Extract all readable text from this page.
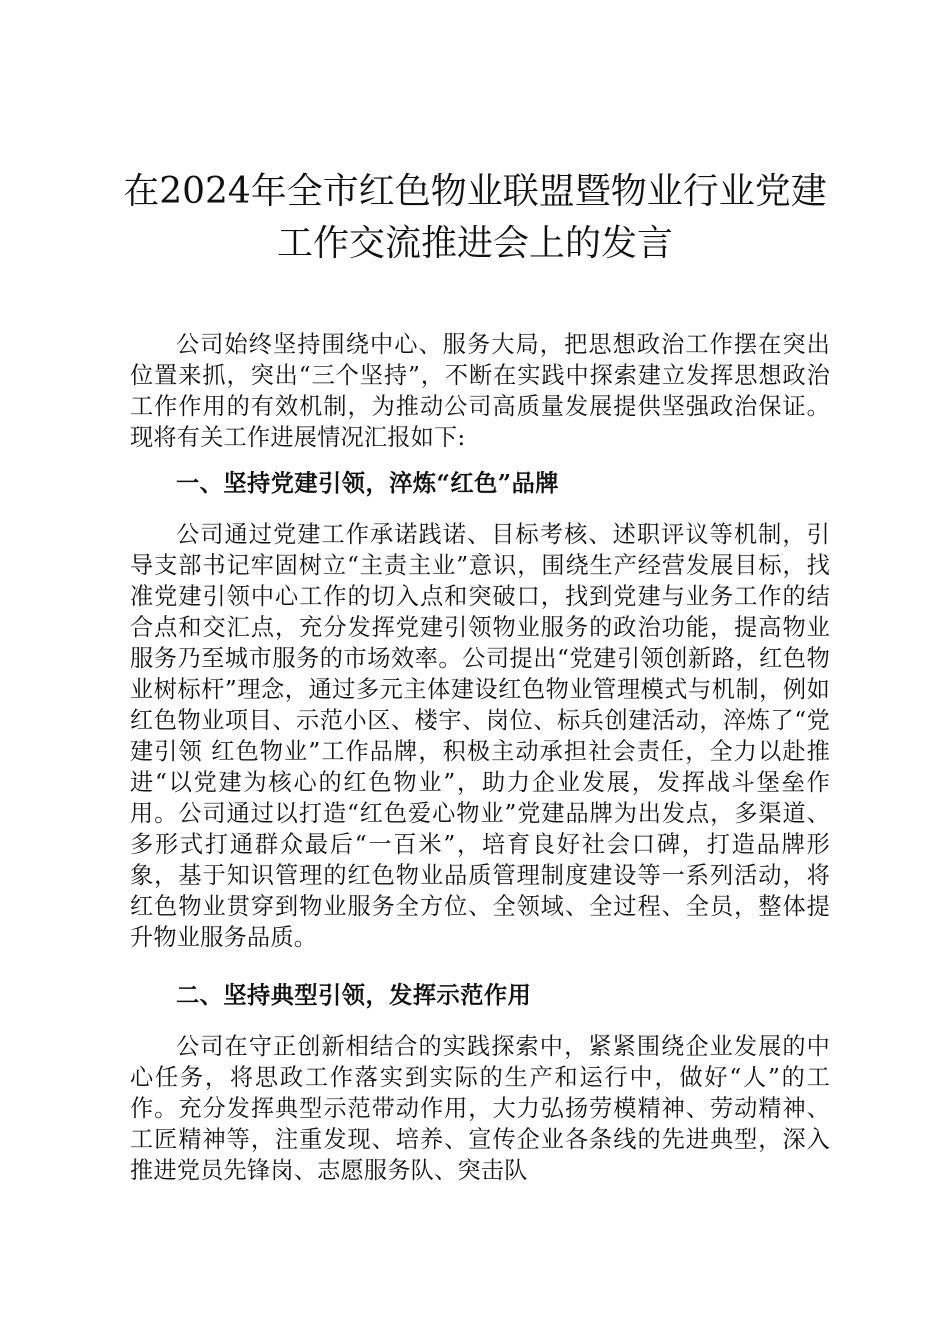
在2024年全市红色物业联盟暨物业行业党建
工作交流推进会上的发言

公司始终坚持围绕中心、服务大局，把思想政治工作摆在突出位置来抓，突出“三个坚持”，不断在实践中探索建立发挥思想政治工作作用的有效机制，为推动公司高质量发展提供坚强政治保证。现将有关工作进展情况汇报如下:

一、坚持党建引领，淬炼“红色”品牌

公司通过党建工作承诺践诺、目标考核、述职评议等机制，引导支部书记牢固树立“主责主业”意识，围绕生产经营发展目标，找准党建引领中心工作的切入点和突破口，找到党建与业务工作的结合点和交汇点，充分发挥党建引领物业服务的政治功能，提高物业服务乃至城市服务的市场效率。公司提出“党建引领创新路，红色物业树标杆”理念，通过多元主体建设红色物业管理模式与机制，例如红色物业项目、示范小区、楼宇、岗位、标兵创建活动，淬炼了“党建引领 红色物业”工作品牌，积极主动承担社会责任，全力以赴推进“以党建为核心的红色物业”，助力企业发展，发挥战斗堡垒作用。公司通过以打造“红色爱心物业”党建品牌为出发点，多渠道、多形式打通群众最后“一百米”，培育良好社会口碑，打造品牌形象，基于知识管理的红色物业品质管理制度建设等一系列活动，将红色物业贯穿到物业服务全方位、全领域、全过程、全员，整体提升物业服务品质。

二、坚持典型引领，发挥示范作用

公司在守正创新相结合的实践探索中，紧紧围绕企业发展的中心任务，将思政工作落实到实际的生产和运行中，做好“人”的工作。充分发挥典型示范带动作用，大力弘扬劳模精神、劳动精神、工匠精神等，注重发现、培养、宣传企业各条线的先进典型，深入推进党员先锋岗、志愿服务队、突击队
